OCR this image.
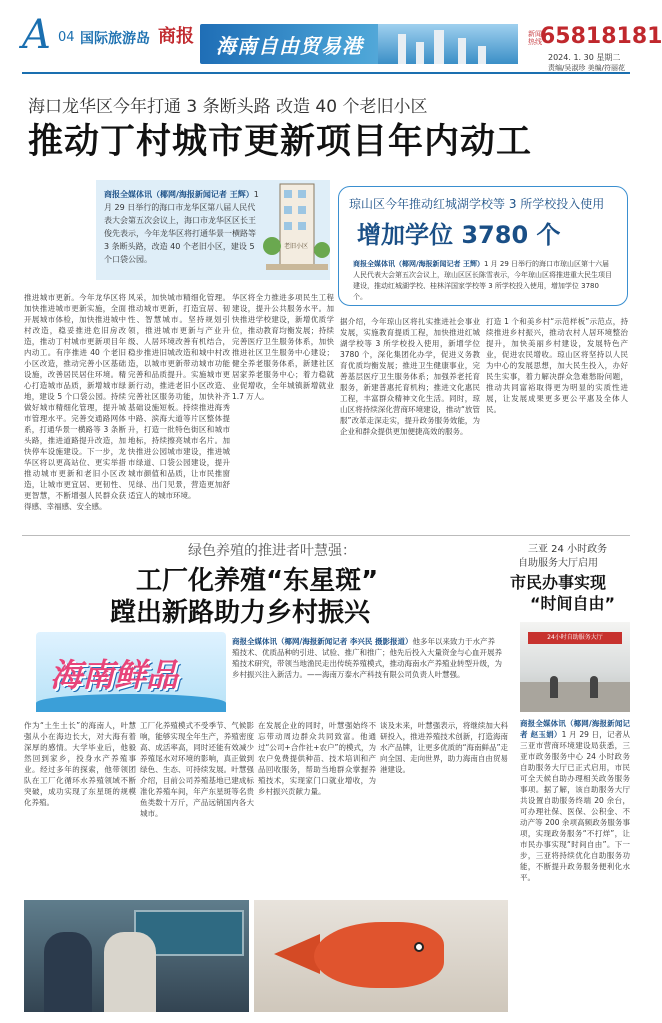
A 04 国际旅游岛 商报 海南自由贸易港	新闻热线
65818181
2024. 1. 30 星期二
责编/吴淑珍 美编/符丽花
海口龙华区今年打通 3 条断头路 改造 40 个老旧小区
推动丁村城市更新项目年内动工
商报全媒体讯（椰网/海报新闻记者 王辉）1 月 29 日举行的海口市龙华区第八届人民代表大会第五次会议上，海口市龙华区区长王俊先表示，今年龙华区将打通华景一横路等 3 条断头路，改造 40 个老旧小区，建设 5 个口袋公园。
老旧小区
推进城市更新。今年龙华区将加快推进城市更新实施，全面开展城市体检，加快推进城中村改造，稳妥推进危旧房改造，推动丁村城市更新项目年内动工。有序推进 40 个老旧小区改造，推动完善小区基础设施，改善居民居住环境。精心打造城市品质，新增城市绿地，建设 5 个口袋公园。持续做好城市精细化管理，提升城市管理水平。完善交通路网体系，打通华景一横路等 3 条断头路，推进道路提升改造，加快停车设施建设。下一步，龙华区将以更高站位、更实举措推动城市更新和老旧小区改造，让城市更宜居、更韧性、更智慧，不断增强人民群众获得感、幸福感、安全感。
风采，加快城市精细化管理。推动城市更新，打造宜居、韧性、智慧城市。坚持规划引领，推进城市更新与产业升级、人居环境改善有机结合，稳步推进旧城改造和城中村改造，以城市更新带动城市功能完善和品质提升。实施城市更新行动，推进老旧小区改造、完善社区服务功能，加快补齐基础设施短板。持续推进海秀中路、滨海大道等片区整体提升，打造一批特色街区和城市地标，持续擦亮城市名片。加快推进公园城市建设，推进城市绿道、口袋公园建设，提升城市颜值和品质，让市民推窗见绿、出门见景，营造更加舒适宜人的城市环境。
华区将全力推进多项民生工程建设，提升公共服务水平。加快推进学校建设，新增优质学位，推动教育均衡发展；持续完善医疗卫生服务体系，加快推进社区卫生服务中心建设；健全养老服务体系，新建社区居家养老服务中心；着力稳就业促增收，全年城镇新增就业 1.7 万人。
琼山区今年推动红城湖学校等 3 所学校投入使用
增加学位 3780 个
商报全媒体讯（椰网/海报新闻记者 王辉）1 月 29 日举行的海口市琼山区第十六届人民代表大会第五次会议上，琼山区区长陈雪表示，今年琼山区将推进重大民生项目建设，推动红城湖学校、桂林洋国家学校等 3 所学校投入使用，增加学位 3780 个。
据介绍，今年琼山区将扎实推进社会事业发展，实施教育提质工程，加快推进红城湖学校等 3 所学校投入使用，新增学位 3780 个，深化集团化办学，促进义务教育优质均衡发展；推进卫生健康事业，完善基层医疗卫生服务体系；加强养老托育服务，新建普惠托育机构；推进文化惠民工程，丰富群众精神文化生活。同时，琼山区将持续深化营商环境建设，推动“放管服”改革走深走实，提升政务服务效能，为企业和群众提供更加便捷高效的服务。
打造 1 个和美乡村“示范样板”示范点，持续推进乡村振兴，推动农村人居环境整治提升，加快美丽乡村建设，发展特色产业，促进农民增收。琼山区将坚持以人民为中心的发展思想，加大民生投入，办好民生实事，着力解决群众急难愁盼问题，推动共同富裕取得更为明显的实质性进展，让发展成果更多更公平惠及全体人民。
绿色养殖的推进者叶慧强：
工厂化养殖“东星斑”
蹚出新路助力乡村振兴
海南鲜品
商报全媒体讯（椰网/海报新闻记者 李兴民 摄影报道）他多年以来致力于水产养殖技术、优质品种的引进、试验、推广和推广；他先后投入大量资金与心血开展养殖技术研究，带领当地渔民走出传统养殖模式，推动海南水产养殖业转型升级，为乡村振兴注入新活力。——海南万泰水产科技有限公司负责人叶慧强。
作为“土生土长”的海南人，叶慧强从小在海边长大，对大海有着深厚的感情。大学毕业后，他毅然回到家乡，投身水产养殖事业。经过多年的探索，他带领团队在工厂化循环水养殖领域不断突破，成功实现了东星斑的规模化养殖。
工厂化养殖模式不受季节、气候影响，能够实现全年生产，养殖密度高、成活率高，同时还能有效减少养殖尾水对环境的影响，真正做到绿色、生态、可持续发展。叶慧强介绍，目前公司养殖基地已建成标准化养殖车间，年产东星斑等名贵鱼类数十万斤，产品远销国内各大城市。
在发展企业的同时，叶慧强始终不忘带动周边群众共同致富。他通过“公司+合作社+农户”的模式，为农户免费提供种苗、技术培训和产品回收服务，帮助当地群众掌握养殖技术，实现家门口就业增收，为乡村振兴贡献力量。
谈及未来，叶慧强表示，将继续加大科研投入，推进养殖技术创新，打造海南水产品牌，让更多优质的“海南鲜品”走向全国、走向世界，助力海南自由贸易港建设。
三亚 24 小时政务
自助服务大厅启用
市民办事实现
“时间自由”
24小时自助服务大厅
商报全媒体讯（椰网/海报新闻记者 赵玉娟）1 月 29 日，记者从三亚市营商环境建设局获悉，三亚市政务服务中心 24 小时政务自助服务大厅已正式启用，市民可全天候自助办理相关政务服务事项。据了解，该自助服务大厅共设置自助服务终端 20 余台，可办理社保、医保、公积金、不动产等 200 余项高频政务服务事项，实现政务服务“不打烊”，让市民办事实现“时间自由”。下一步，三亚将持续优化自助服务功能，不断提升政务服务便利化水平。
